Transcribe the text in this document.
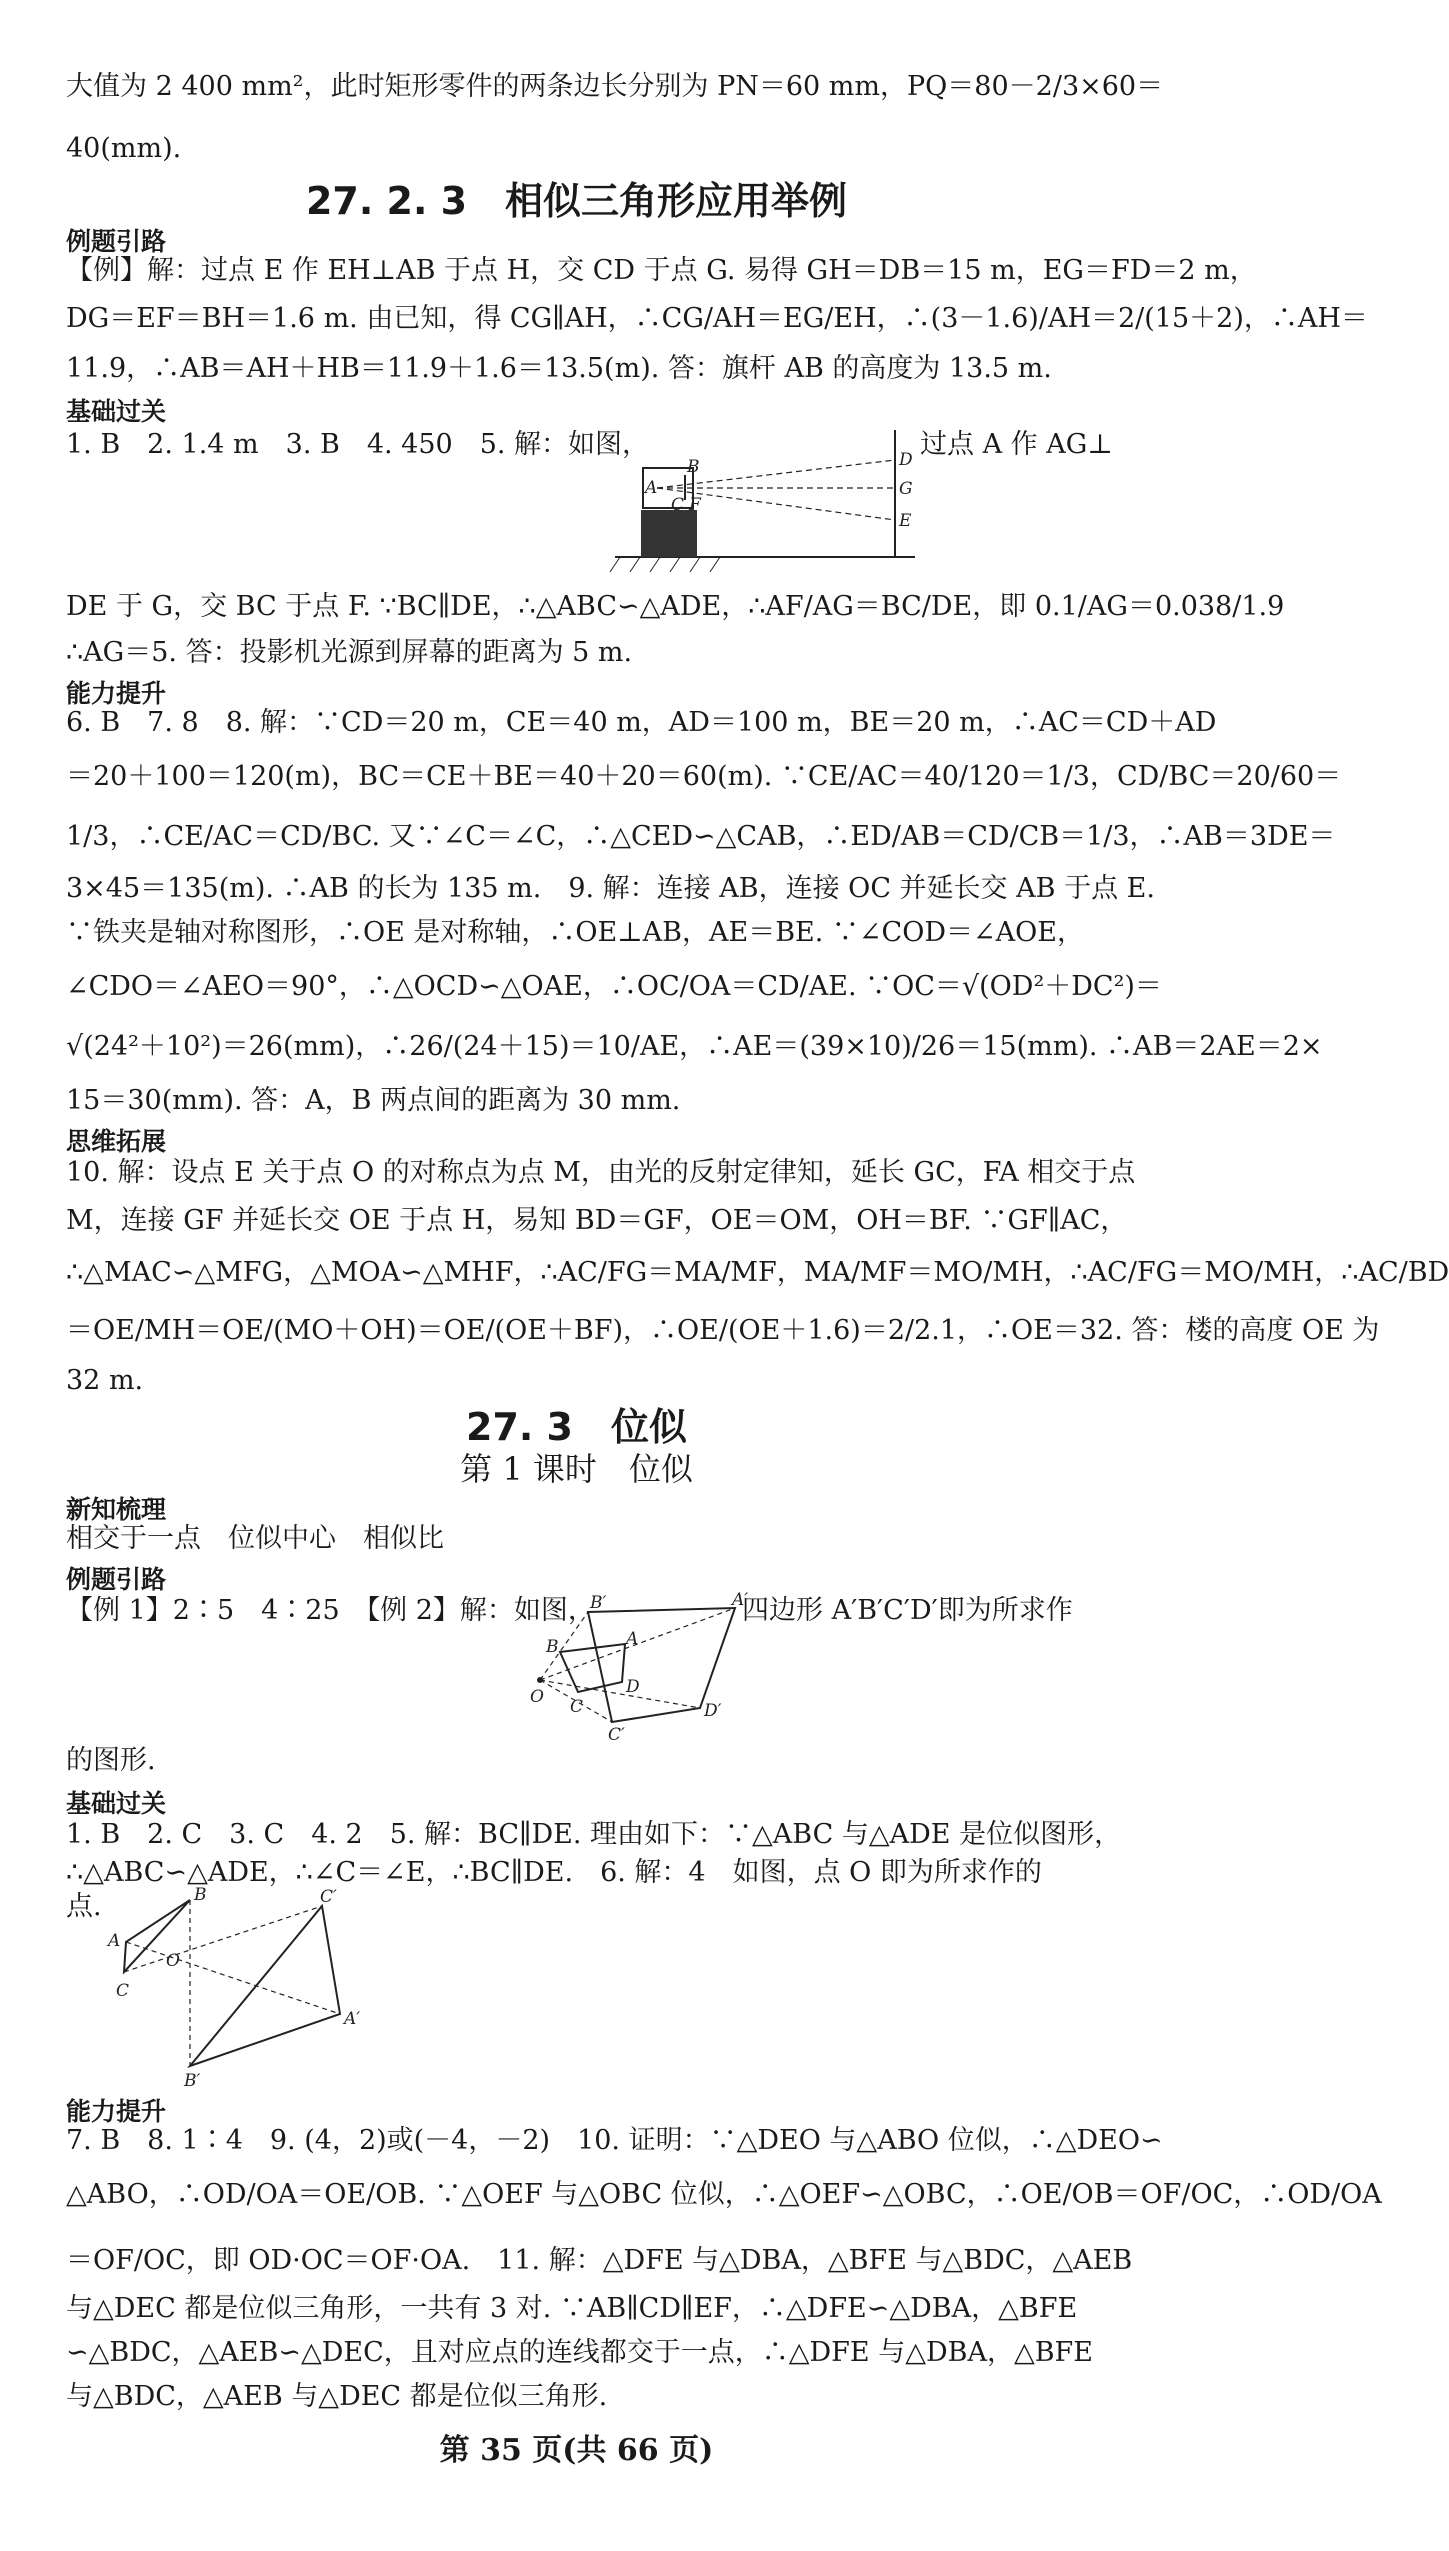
大值为 2 400 mm²，此时矩形零件的两条边长分别为 PN＝60 mm，PQ＝80－2/3×60＝
40(mm).
27. 2. 3　相似三角形应用举例
例题引路
【例】解：过点 E 作 EH⊥AB 于点 H，交 CD 于点 G. 易得 GH＝DB＝15 m，EG＝FD＝2 m，
DG＝EF＝BH＝1.6 m. 由已知，得 CG∥AH，∴CG/AH＝EG/EH，∴(3－1.6)/AH＝2/(15＋2)，∴AH＝
11.9，∴AB＝AH＋HB＝11.9＋1.6＝13.5(m). 答：旗杆 AB 的高度为 13.5 m.
基础过关
1. B　2. 1.4 m　3. B　4. 450　5. 解：如图，	过点 A 作 AG⊥
A
B
C F
D
G
E
DE 于 G，交 BC 于点 F. ∵BC∥DE，∴△ABC∽△ADE，∴AF/AG＝BC/DE，即 0.1/AG＝0.038/1.9
∴AG＝5. 答：投影机光源到屏幕的距离为 5 m.
能力提升
6. B　7. 8　8. 解：∵CD＝20 m，CE＝40 m，AD＝100 m，BE＝20 m，∴AC＝CD＋AD
＝20＋100＝120(m)，BC＝CE＋BE＝40＋20＝60(m). ∵CE/AC＝40/120＝1/3，CD/BC＝20/60＝
1/3，∴CE/AC＝CD/BC. 又∵∠C＝∠C，∴△CED∽△CAB，∴ED/AB＝CD/CB＝1/3，∴AB＝3DE＝
3×45＝135(m). ∴AB 的长为 135 m.　9. 解：连接 AB，连接 OC 并延长交 AB 于点 E.
∵铁夹是轴对称图形，∴OE 是对称轴，∴OE⊥AB，AE＝BE. ∵∠COD＝∠AOE，
∠CDO＝∠AEO＝90°，∴△OCD∽△OAE，∴OC/OA＝CD/AE. ∵OC＝√(OD²＋DC²)＝
√(24²＋10²)＝26(mm)，∴26/(24＋15)＝10/AE，∴AE＝(39×10)/26＝15(mm). ∴AB＝2AE＝2×
15＝30(mm). 答：A，B 两点间的距离为 30 mm.
思维拓展
10. 解：设点 E 关于点 O 的对称点为点 M，由光的反射定律知，延长 GC，FA 相交于点
M，连接 GF 并延长交 OE 于点 H，易知 BD＝GF，OE＝OM，OH＝BF. ∵GF∥AC，
∴△MAC∽△MFG，△MOA∽△MHF，∴AC/FG＝MA/MF，MA/MF＝MO/MH，∴AC/FG＝MO/MH，∴AC/BD
＝OE/MH＝OE/(MO＋OH)＝OE/(OE＋BF)，∴OE/(OE＋1.6)＝2/2.1，∴OE＝32. 答：楼的高度 OE 为
32 m.
27. 3　位似
第 1 课时　位似
新知梳理
相交于一点　位似中心　相似比
例题引路
【例 1】2∶5　4∶25　【例 2】解：如图，	四边形 A′B′C′D′即为所求作
B′	A′
B	A
O C
D
D′
C′
的图形.
基础过关
1. B　2. C　3. C　4. 2　5. 解：BC∥DE. 理由如下：∵△ABC 与△ADE 是位似图形，
∴△ABC∽△ADE，∴∠C＝∠E，∴BC∥DE.　6. 解：4　如图，点 O 即为所求作的
点.	B	C′
A
O
C
A′
B′
能力提升
7. B　8. 1∶4　9. (4，2)或(－4，－2)　10. 证明：∵△DEO 与△ABO 位似，∴△DEO∽
△ABO，∴OD/OA＝OE/OB. ∵△OEF 与△OBC 位似，∴△OEF∽△OBC，∴OE/OB＝OF/OC，∴OD/OA
＝OF/OC，即 OD·OC＝OF·OA.　11. 解：△DFE 与△DBA，△BFE 与△BDC，△AEB
与△DEC 都是位似三角形，一共有 3 对. ∵AB∥CD∥EF，∴△DFE∽△DBA，△BFE
∽△BDC，△AEB∽△DEC，且对应点的连线都交于一点，∴△DFE 与△DBA，△BFE
与△BDC，△AEB 与△DEC 都是位似三角形.
第 35 页(共 66 页)
